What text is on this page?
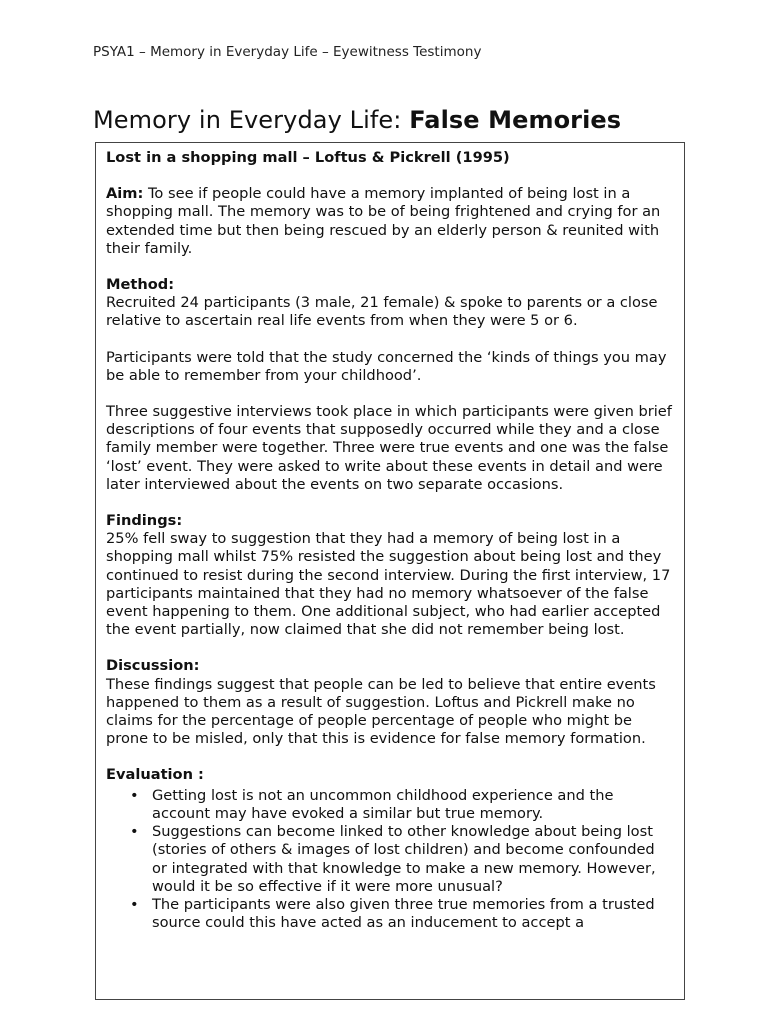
PSYA1 – Memory in Everyday Life – Eyewitness Testimony
Memory in Everyday Life: False Memories
Lost in a shopping mall – Loftus & Pickrell (1995)

Aim: To see if people could have a memory implanted of being lost in a shopping mall. The memory was to be of being frightened and crying for an extended time but then being rescued by an elderly person & reunited with their family.

Method:

Recruited 24 participants (3 male, 21 female) & spoke to parents or a close relative to ascertain real life events from when they were 5 or 6.

Participants were told that the study concerned the ‘kinds of things you may be able to remember from your childhood’.

Three suggestive interviews took place in which participants were given brief descriptions of four events that supposedly occurred while they and a close family member were together. Three were true events and one was the false ‘lost’ event. They were asked to write about these events in detail and were later interviewed about the events on two separate occasions.

Findings:
25% fell sway to suggestion that they had a memory of being lost in a shopping mall whilst 75% resisted the suggestion about being lost and they continued to resist during the second interview. During the first interview, 17 participants maintained that they had no memory whatsoever of the false event happening to them. One additional subject, who had earlier accepted the event partially, now claimed that she did not remember being lost.
Discussion:
These findings suggest that people can be led to believe that entire events happened to them as a result of suggestion. Loftus and Pickrell make no claims for the percentage of people percentage of people who might be prone to be misled, only that this is evidence for false memory formation.
Evaluation :
• Getting lost is not an uncommon childhood experience and the account may have evoked a similar but true memory.
• Suggestions can become linked to other knowledge about being lost (stories of others & images of lost children) and become confounded or integrated with that knowledge to make a new memory. However, would it be so effective if it were more unusual?
• The participants were also given three true memories from a trusted source could this have acted as an inducement to accept a
